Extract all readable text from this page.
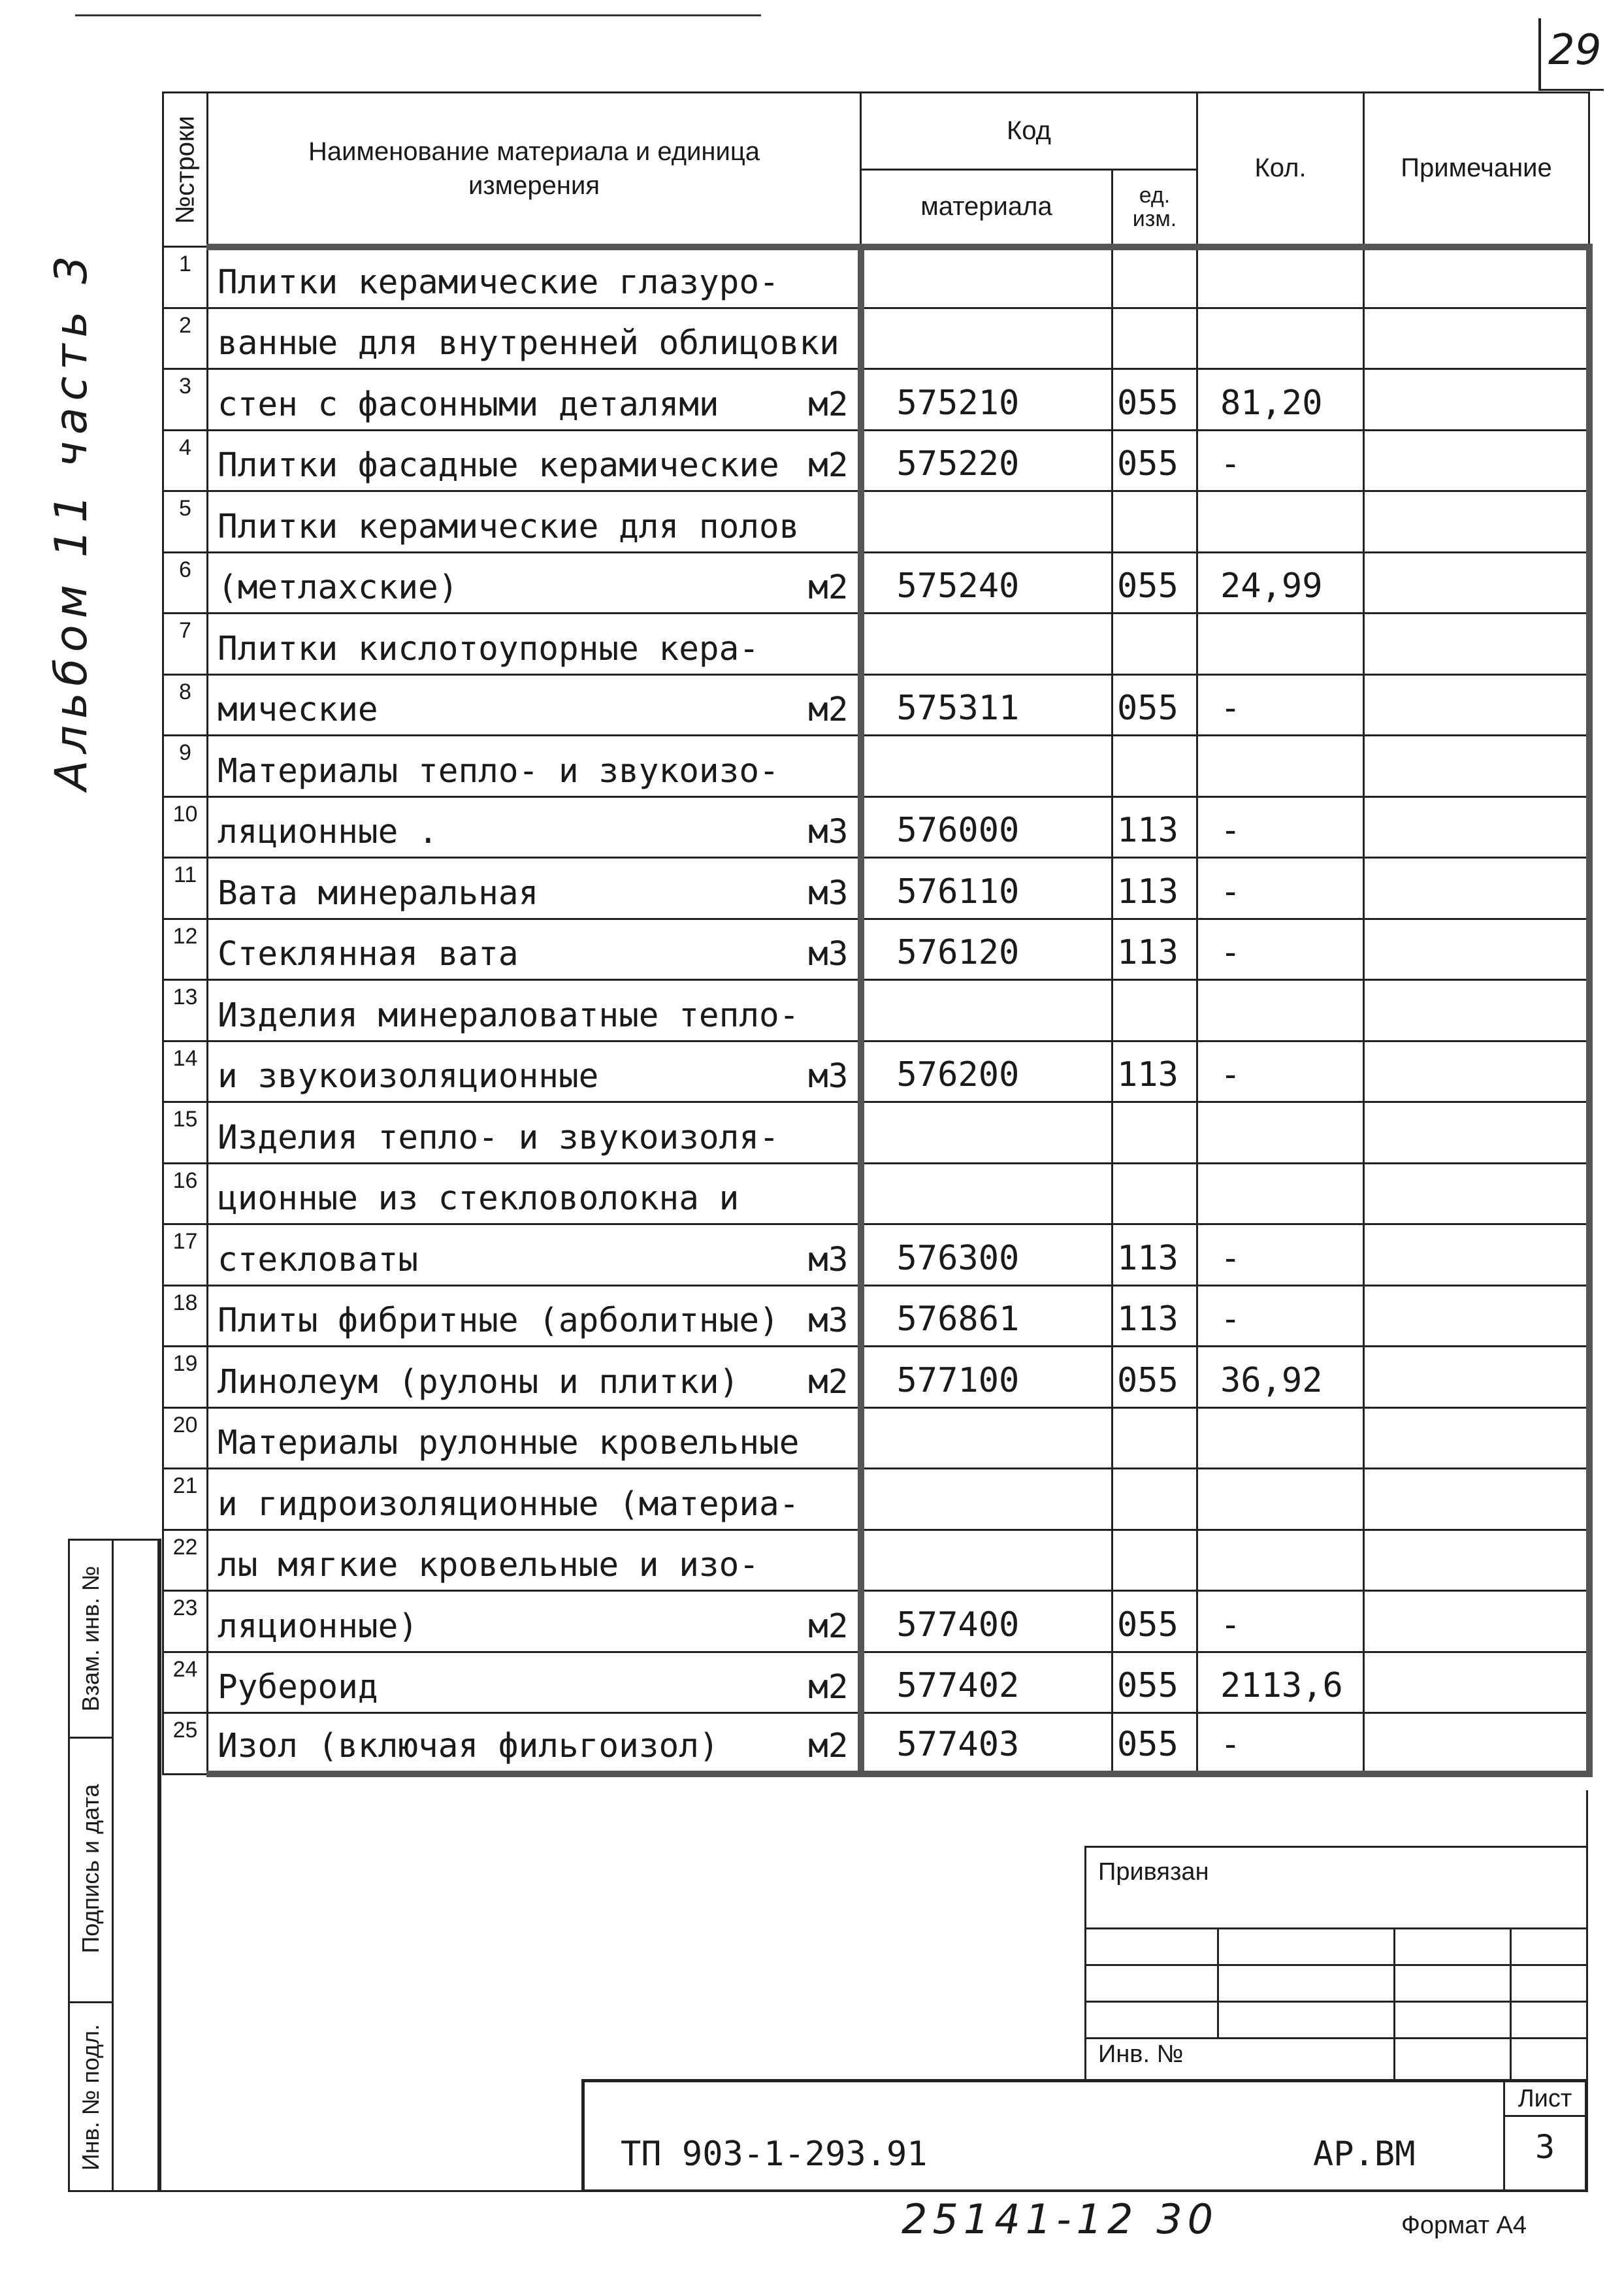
29
Альбом 11 часть 3
№строки	Наименование материала и единица измерения	Код		Кол.	Примечание
		материала	ед. изм.		
1	Плитки керамические глазуро-

2	ванные для внутренней облицовки

3	стен с фасонными деталями м2	575210	055	81,20	
4	Плитки фасадные керамические м2	575220	055	-	
5	Плитки керамические для полов

6	(метлахские) м2	575240	055	24,99	
7	Плитки кислотоупорные кера-

8	мические м2	575311	055	-	
9	Материалы тепло- и звукоизо-

10	ляционные . м3	576000	113	-	
11	Вата минеральная м3	576110	113	-	
12	Стеклянная вата м3	576120	113	-	
13	Изделия минераловатные тепло-

14	и звукоизоляционные м3	576200	113	-	
15	Изделия тепло- и звукоизоля-

16	ционные из стекловолокна и

17	стекловаты м3	576300	113	-	
18	Плиты фибритные (арболитные) м3	576861	113	-	
19	Линолеум (рулоны и плитки) м2	577100	055	36,92	
20	Материалы рулонные кровельные

21	и гидроизоляционные (материа-

22	лы мягкие кровельные и изо-

23	ляционные) м2	577400	055	-	
24	Рубероид м2	577402	055	2113,6	
25	Изол (включая фильгоизол) м2	577403	055	-	
Взам. инв. №
Подпись и дата
Инв. № подл.
Привязан
Инв. №
ТП 903-1-293.91	АР.ВМ
Лист
3
25141-12 30	Формат А4
